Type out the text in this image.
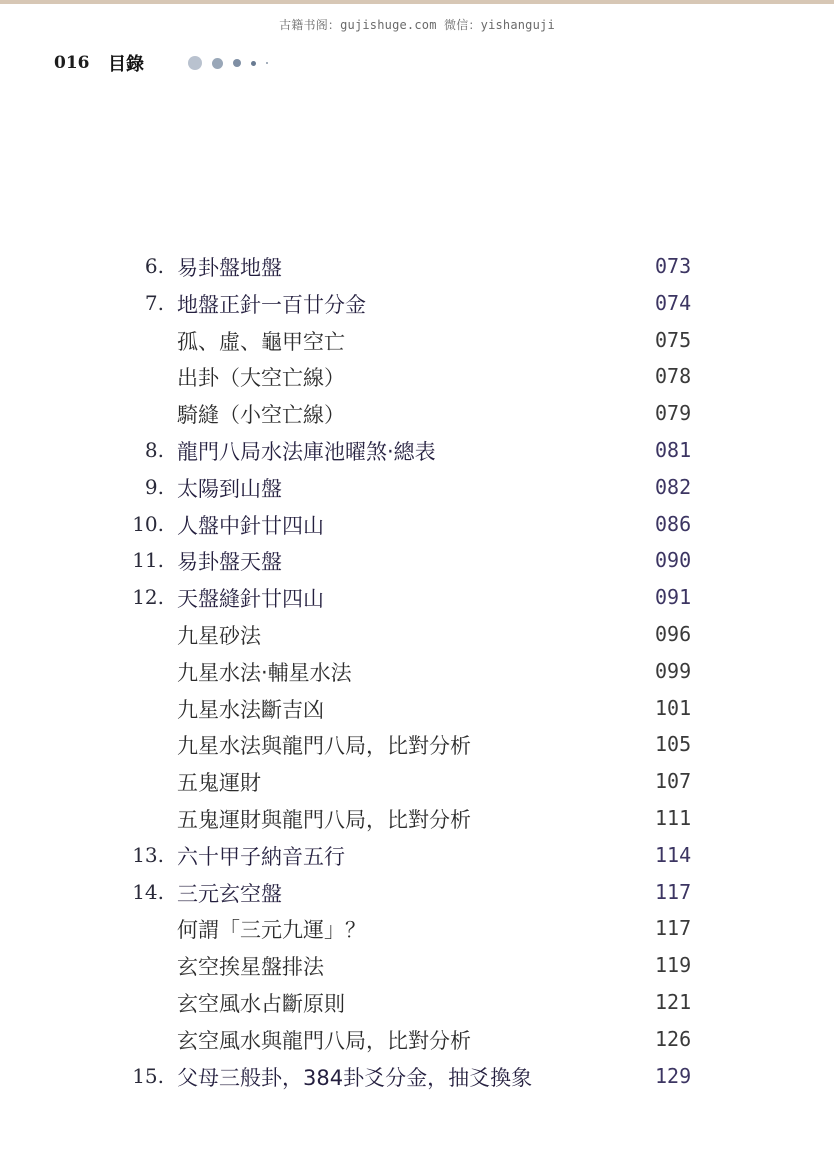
古籍书阁：gujishuge.com 微信：yishanguji
016	目錄
6. 易卦盤地盤	073
7. 地盤正針一百廿分金	074
孤、虛、龜甲空亡	075
出卦（大空亡線）	078
騎縫（小空亡線）	079
8. 龍門八局水法庫池曜煞‧總表	081
9. 太陽到山盤	082
10. 人盤中針廿四山	086
11. 易卦盤天盤	090
12. 天盤縫針廿四山	091
九星砂法	096
九星水法‧輔星水法	099
九星水法斷吉凶	101
九星水法與龍門八局，比對分析	105
五鬼運財	107
五鬼運財與龍門八局，比對分析	111
13. 六十甲子納音五行	114
14. 三元玄空盤	117
何謂「三元九運」？	117
玄空挨星盤排法	119
玄空風水占斷原則	121
玄空風水與龍門八局，比對分析	126
15. 父母三般卦，384卦爻分金，抽爻換象	129
